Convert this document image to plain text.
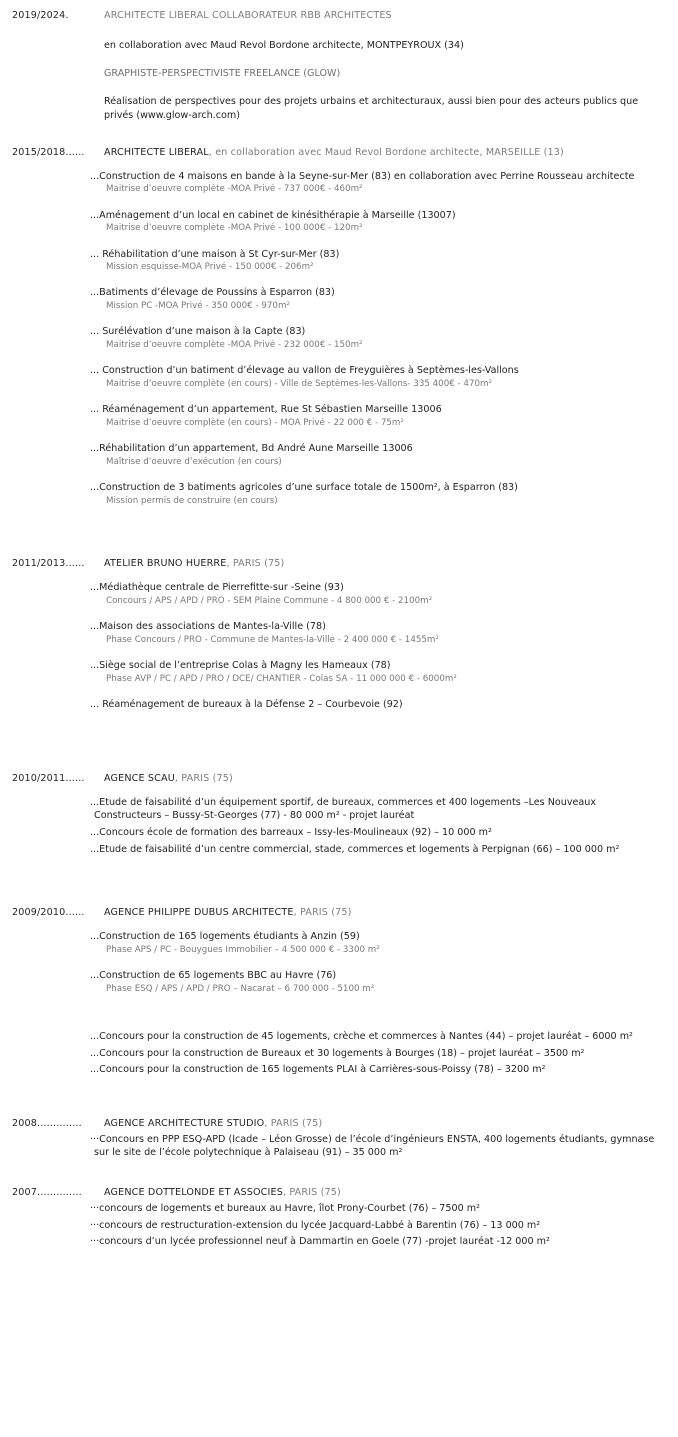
2019/2024.	ARCHITECTE LIBERAL COLLABORATEUR RBB ARCHITECTES
en collaboration avec Maud Revol Bordone architecte, MONTPEYROUX (34)
GRAPHISTE-PERSPECTIVISTE FREELANCE (GLOW)
Réalisation de perspectives pour des projets urbains et architecturaux, aussi bien pour des acteurs publics que privés (www.glow-arch.com)
2015/2018......	ARCHITECTE LIBERAL, en collaboration avec Maud Revol Bordone architecte, MARSEILLE (13)
...Construction de 4 maisons en bande à la Seyne-sur-Mer (83) en collaboration avec Perrine Rousseau architecte
Maitrise d’oeuvre complète -MOA Privé - 737 000€ - 460m²
...Aménagement d’un local en cabinet de kinésithérapie à Marseille (13007)
Maitrise d’oeuvre complète -MOA Privé - 100 000€ - 120m²
... Réhabilitation d’une maison à St Cyr-sur-Mer (83)
Mission esquisse-MOA Privé - 150 000€ - 206m²
...Batiments d’élevage de Poussins à Esparron (83)
Mission PC -MOA Privé - 350 000€ - 970m²
... Surélévation d’une maison à la Capte (83)
Maitrise d’oeuvre complète -MOA Privé - 232 000€ - 150m²
... Construction d’un batiment d’élevage au vallon de Freyguières à Septèmes-les-Vallons
Maitrise d’oeuvre complète (en cours) - Ville de Septèmes-les-Vallons- 335 400€ - 470m²
... Réaménagement d’un appartement, Rue St Sébastien Marseille 13006
Maitrise d’oeuvre complète (en cours) - MOA Privé - 22 000 € - 75m²
...Réhabilitation d’un appartement, Bd André Aune Marseille 13006
Maîtrise d’oeuvre d’exécution (en cours)
...Construction de 3 batiments agricoles d’une surface totale de 1500m², à Esparron (83)
Mission permis de construire (en cours)
2011/2013......	ATELIER BRUNO HUERRE, PARIS (75)
...Médiathèque centrale de Pierrefitte-sur -Seine (93)
Concours / APS / APD / PRO - SEM Plaine Commune - 4 800 000 € - 2100m²
...Maison des associations de Mantes-la-Ville (78)
Phase Concours / PRO - Commune de Mantes-la-Ville - 2 400 000 € - 1455m²
...Siège social de l’entreprise Colas à Magny les Hameaux (78)
Phase AVP / PC / APD / PRO / DCE/ CHANTIER - Colas SA - 11 000 000 € - 6000m²
... Réaménagement de bureaux à la Défense 2 – Courbevoie (92)
2010/2011......	AGENCE SCAU, PARIS (75)
...Etude de faisabilité d’un équipement sportif, de bureaux, commerces et 400 logements –Les Nouveaux Constructeurs – Bussy-St-Georges (77) - 80 000 m² - projet lauréat
...Concours école de formation des barreaux – Issy-les-Moulineaux (92) – 10 000 m²
...Etude de faisabilité d’un centre commercial, stade, commerces et logements à Perpignan (66) – 100 000 m²
2009/2010......	AGENCE PHILIPPE DUBUS ARCHITECTE, PARIS (75)
...Construction de 165 logements étudiants à Anzin (59)
Phase APS / PC - Bouygues Immobilier – 4 500 000 € - 3300 m²
...Construction de 65 logements BBC au Havre (76)
Phase ESQ / APS / APD / PRO – Nacarat – 6 700 000 - 5100 m²
...Concours pour la construction de 45 logements, crèche et commerces à Nantes (44) – projet lauréat – 6000 m²
...Concours pour la construction de Bureaux et 30 logements à Bourges (18) – projet lauréat – 3500 m²
...Concours pour la construction de 165 logements PLAI à Carrières-sous-Poissy (78) – 3200 m²
2008..............	AGENCE ARCHITECTURE STUDIO, PARIS (75)
···Concours en PPP ESQ-APD (Icade – Léon Grosse) de l’école d’ingénieurs ENSTA, 400 logements étudiants, gymnase sur le site de l’école polytechnique à Palaiseau (91) – 35 000 m²
2007..............	AGENCE DOTTELONDE ET ASSOCIES, PARIS (75)
···concours de logements et bureaux au Havre, îlot Prony-Courbet (76) – 7500 m²
···concours de restructuration-extension du lycée Jacquard-Labbé à Barentin (76) – 13 000 m²
···concours d’un lycée professionnel neuf à Dammartin en Goele (77) -projet lauréat -12 000 m²
